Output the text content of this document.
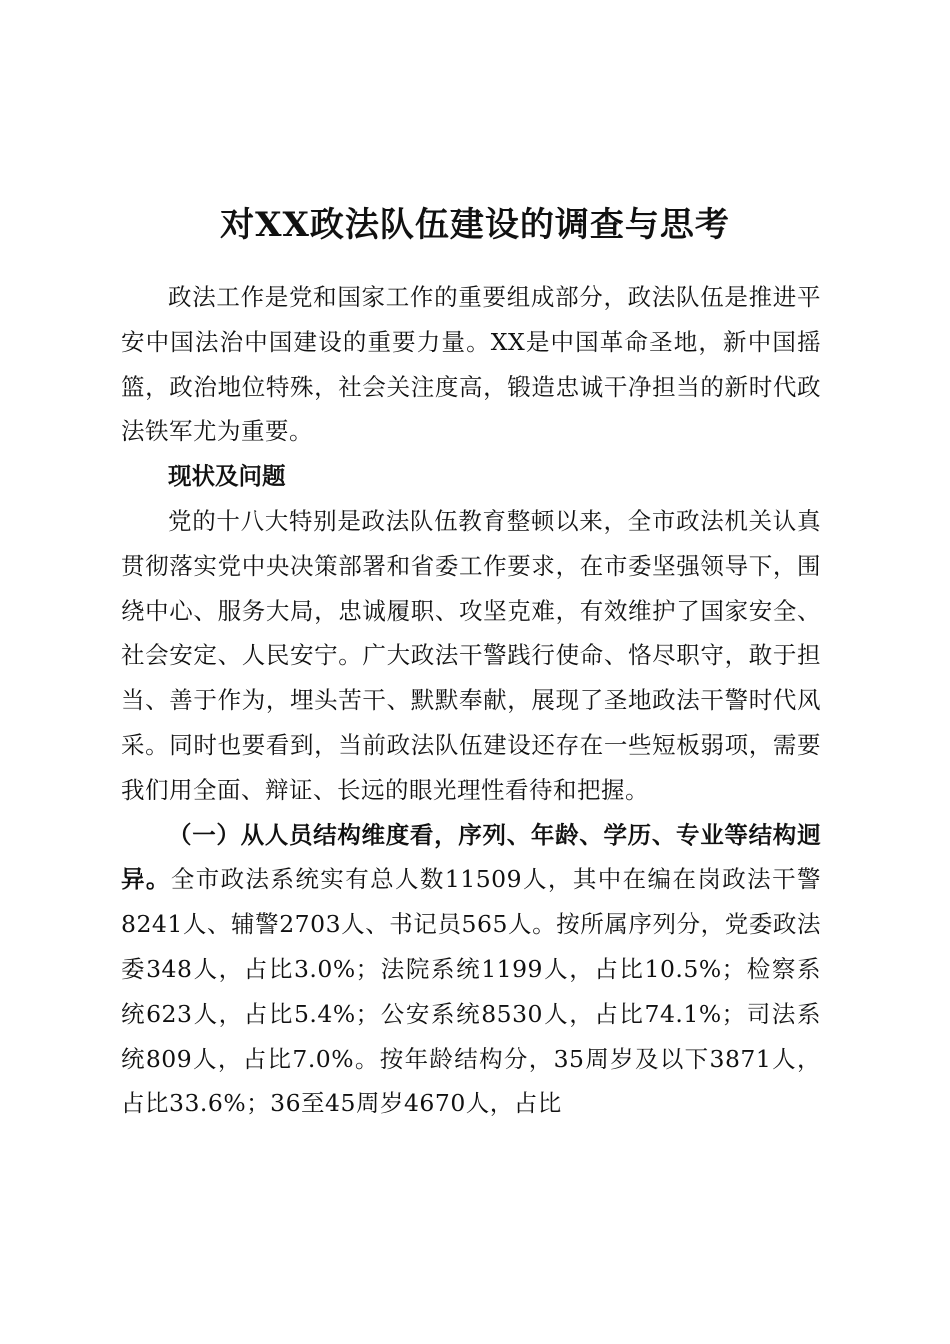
对XX政法队伍建设的调查与思考

政法工作是党和国家工作的重要组成部分，政法队伍是推进平安中国法治中国建设的重要力量。XX是中国革命圣地，新中国摇篮，政治地位特殊，社会关注度高，锻造忠诚干净担当的新时代政法铁军尤为重要。

现状及问题

党的十八大特别是政法队伍教育整顿以来，全市政法机关认真贯彻落实党中央决策部署和省委工作要求，在市委坚强领导下，围绕中心、服务大局，忠诚履职、攻坚克难，有效维护了国家安全、社会安定、人民安宁。广大政法干警践行使命、恪尽职守，敢于担当、善于作为，埋头苦干、默默奉献，展现了圣地政法干警时代风采。同时也要看到，当前政法队伍建设还存在一些短板弱项，需要我们用全面、辩证、长远的眼光理性看待和把握。

（一）从人员结构维度看，序列、年龄、学历、专业等结构迥异。全市政法系统实有总人数11509人，其中在编在岗政法干警8241人、辅警2703人、书记员565人。按所属序列分，党委政法委348人，占比3.0%；法院系统1199人，占比10.5%；检察系统623人，占比5.4%；公安系统8530人，占比74.1%；司法系统809人，占比7.0%。按年龄结构分，35周岁及以下3871人，占比33.6%；36至45周岁4670人，占比
